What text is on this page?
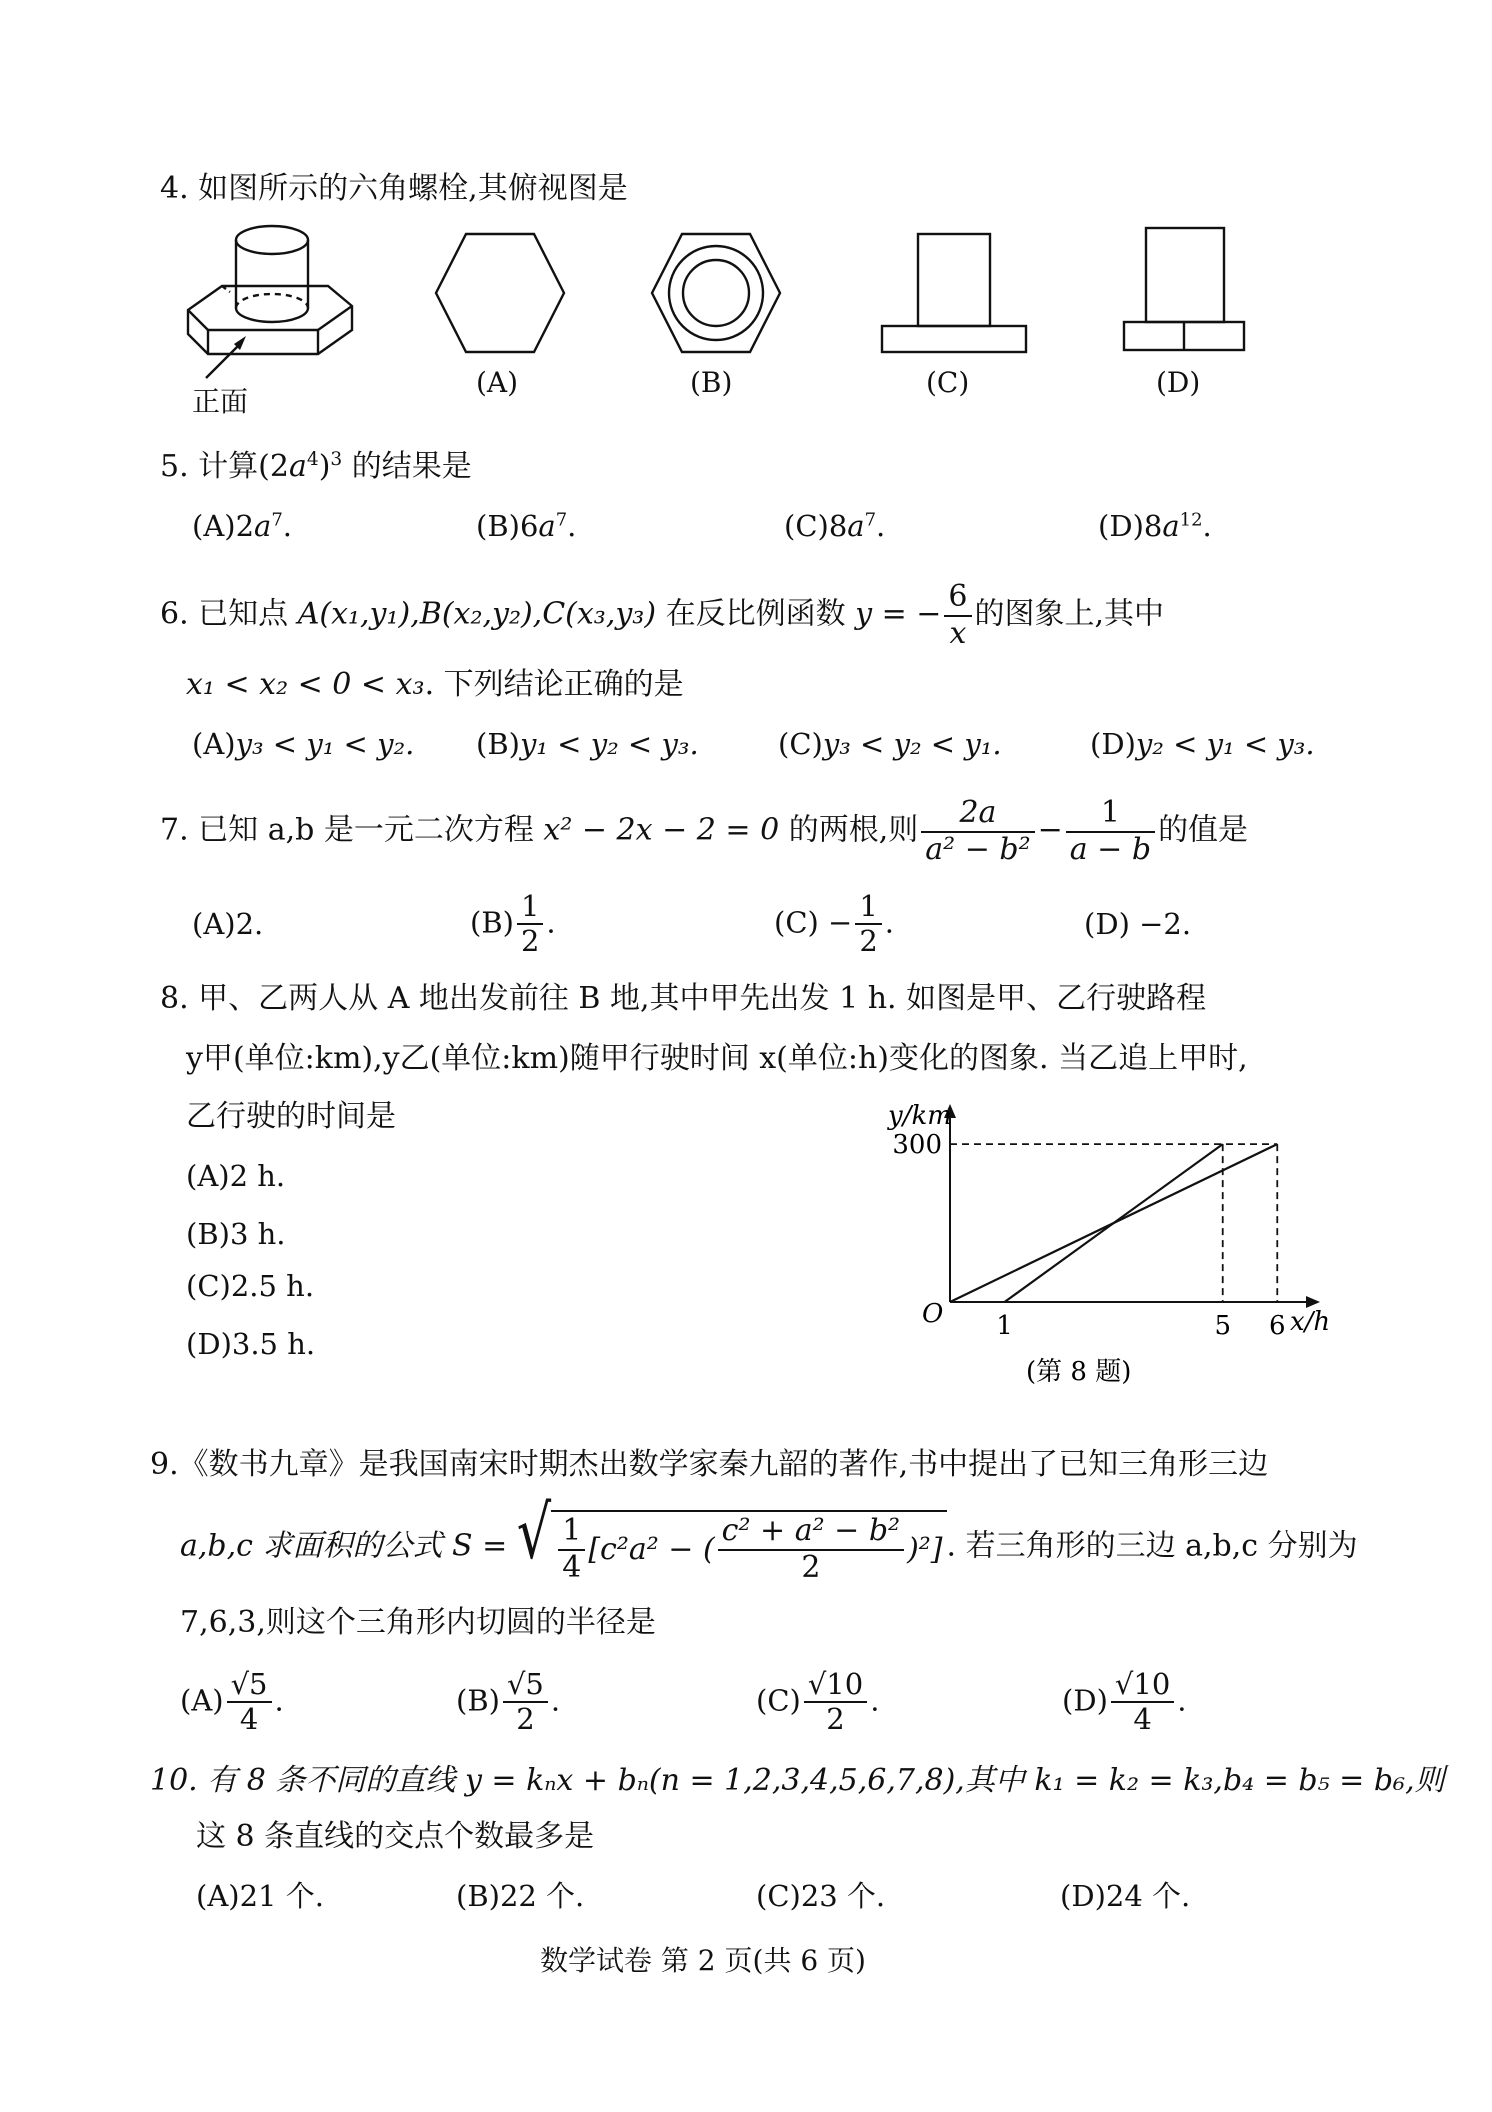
4. 如图所示的六角螺栓,其俯视图是
正面
(A)	(B)	(C)	(D)
5. 计算$(2a^4)^3$ 的结果是
$(A)2a^7$.	$(B)6a^7$.	$(C)8a^7$.	$(D)8a^{12}$.
6. 已知点 A(x₁,y₁),B(x₂,y₂),C(x₃,y₃) 在反比例函数 y = − $\frac{6}{x}$ 的图象上,其中
x₁ < x₂ < 0 < x₃. 下列结论正确的是
(A)y₃ < y₁ < y₂. (B)y₁ < y₂ < y₃.	(C)y₃ < y₂ < y₁.	(D)y₂ < y₁ < y₃.
7. 已知 a,b 是一元二次方程 x² − 2x − 2 = 0 的两根,则 $\frac{2a}{\text{a² − b²}} - \frac{1}{a - b}$ 的值是
(A)2.	$(B) \frac{1}{2}$ .	$(C) - \frac{1}{2}$ .	(D) −2.
8. 甲、乙两人从 A 地出发前往 B 地,其中甲先出发 1 h. 如图是甲、乙行驶路程
y甲(单位:km),y乙(单位:km)随甲行驶时间 x(单位:h)变化的图象. 当乙追上甲时,
乙行驶的时间是
(A)2 h.
(B)3 h.
(C)2.5 h.
(D)3.5 h.
y/km
x/h
O
300
1	5 6
(第 8 题)
9.《数书九章》是我国南宋时期杰出数学家秦九韶的著作,书中提出了已知三角形三边
a,b,c 求面积的公式 S = √ $\frac{1}{4} [c^2a^2$ − ( $\frac{\text{c² + a² − b²}}{2} )^2$] . 若三角形的三边 a,b,c 分别为
7,6,3,则这个三角形内切圆的半径是
$(A) \frac{√5}{4}$ .	$(B) \frac{√5}{2}$ .	$(C) \frac{√10}{2}$ .	$(D) \frac{√10}{4}$ .
10. 有 8 条不同的直线 y = kₙx + bₙ(n = 1,2,3,4,5,6,7,8),其中 k₁ = k₂ = k₃,b₄ = b₅ = b₆,则
这 8 条直线的交点个数最多是
(A)21 个.	(B)22 个.	(C)23 个.	(D)24 个.
数学试卷 第 2 页(共 6 页)
